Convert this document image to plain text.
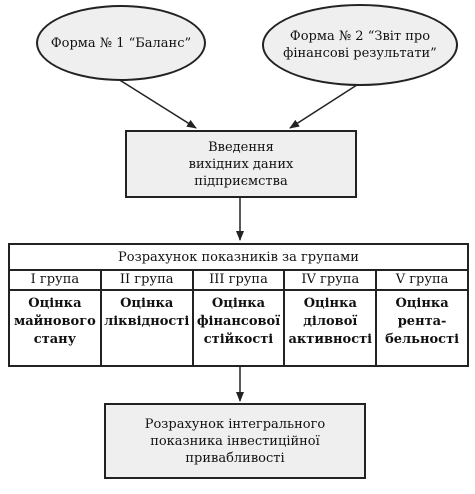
Форма № 1 “Баланс”	Форма № 2 “Звіт про
фінансові результати”
Введення
вихідних даних
підприємства
Розрахунок показників за групами
I група
Оцінка
майнового
стану
II група
Оцінка
ліквідності
III група
Оцінка
фінансової
стійкості
IV група
Оцінка
ділової
активності
V група
Оцінка
рента-
бельності
Розрахунок інтегрального
показника інвестиційної
привабливості
